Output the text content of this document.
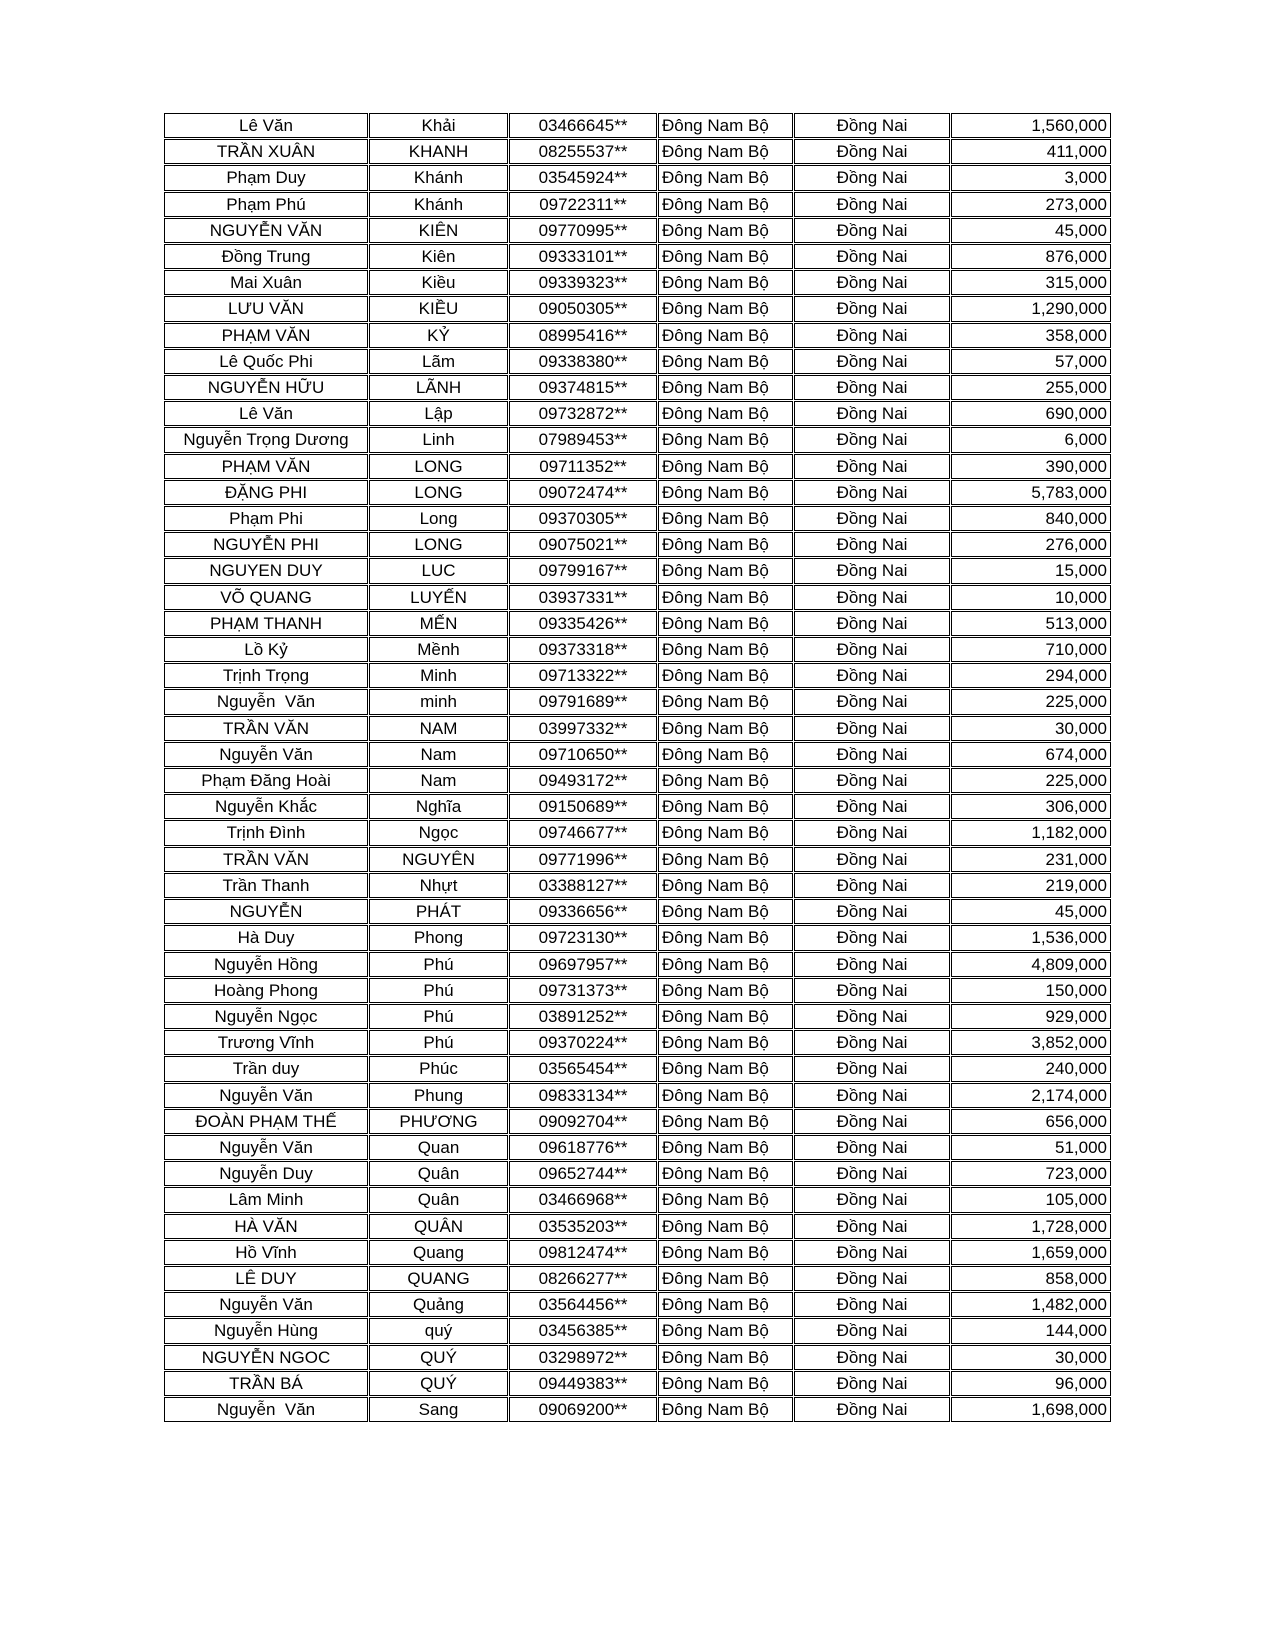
Lê Văn	Khải	03466645**	Đông Nam Bộ	Đồng Nai	1,560,000
TRẦN XUÂN	KHANH	08255537**	Đông Nam Bộ	Đồng Nai	411,000
Phạm Duy	Khánh	03545924**	Đông Nam Bộ	Đồng Nai	3,000
Phạm Phú	Khánh	09722311**	Đông Nam Bộ	Đồng Nai	273,000
NGUYỄN VĂN	KIÊN	09770995**	Đông Nam Bộ	Đồng Nai	45,000
Đồng Trung	Kiên	09333101**	Đông Nam Bộ	Đồng Nai	876,000
Mai Xuân	Kiều	09339323**	Đông Nam Bộ	Đồng Nai	315,000
LƯU VĂN	KIỀU	09050305**	Đông Nam Bộ	Đồng Nai	1,290,000
PHẠM VĂN	KỶ	08995416**	Đông Nam Bộ	Đồng Nai	358,000
Lê Quốc Phi	Lãm	09338380**	Đông Nam Bộ	Đồng Nai	57,000
NGUYỄN HỮU	LÃNH	09374815**	Đông Nam Bộ	Đồng Nai	255,000
Lê Văn	Lập	09732872**	Đông Nam Bộ	Đồng Nai	690,000
Nguyễn Trọng Dương	Linh	07989453**	Đông Nam Bộ	Đồng Nai	6,000
PHẠM VĂN	LONG	09711352**	Đông Nam Bộ	Đồng Nai	390,000
ĐẶNG PHI	LONG	09072474**	Đông Nam Bộ	Đồng Nai	5,783,000
Phạm Phi	Long	09370305**	Đông Nam Bộ	Đồng Nai	840,000
NGUYỄN PHI	LONG	09075021**	Đông Nam Bộ	Đồng Nai	276,000
NGUYEN DUY	LUC	09799167**	Đông Nam Bộ	Đồng Nai	15,000
VÕ QUANG	LUYẾN	03937331**	Đông Nam Bộ	Đồng Nai	10,000
PHẠM THANH	MẾN	09335426**	Đông Nam Bộ	Đồng Nai	513,000
Lồ Kỷ	Mềnh	09373318**	Đông Nam Bộ	Đồng Nai	710,000
Trịnh Trọng	Minh	09713322**	Đông Nam Bộ	Đồng Nai	294,000
Nguyễn  Văn	minh	09791689**	Đông Nam Bộ	Đồng Nai	225,000
TRẦN VĂN	NAM	03997332**	Đông Nam Bộ	Đồng Nai	30,000
Nguyễn Văn	Nam	09710650**	Đông Nam Bộ	Đồng Nai	674,000
Phạm Đăng Hoài	Nam	09493172**	Đông Nam Bộ	Đồng Nai	225,000
Nguyễn Khắc	Nghĩa	09150689**	Đông Nam Bộ	Đồng Nai	306,000
Trịnh Đình	Ngọc	09746677**	Đông Nam Bộ	Đồng Nai	1,182,000
TRẦN VĂN	NGUYÊN	09771996**	Đông Nam Bộ	Đồng Nai	231,000
Trần Thanh	Nhựt	03388127**	Đông Nam Bộ	Đồng Nai	219,000
NGUYỄN	PHÁT	09336656**	Đông Nam Bộ	Đồng Nai	45,000
Hà Duy	Phong	09723130**	Đông Nam Bộ	Đồng Nai	1,536,000
Nguyễn Hồng	Phú	09697957**	Đông Nam Bộ	Đồng Nai	4,809,000
Hoàng Phong	Phú	09731373**	Đông Nam Bộ	Đồng Nai	150,000
Nguyễn Ngọc	Phú	03891252**	Đông Nam Bộ	Đồng Nai	929,000
Trương Vĩnh	Phú	09370224**	Đông Nam Bộ	Đồng Nai	3,852,000
Trần duy	Phúc	03565454**	Đông Nam Bộ	Đồng Nai	240,000
Nguyễn Văn	Phung	09833134**	Đông Nam Bộ	Đồng Nai	2,174,000
ĐOÀN PHẠM THẾ	PHƯƠNG	09092704**	Đông Nam Bộ	Đồng Nai	656,000
Nguyễn Văn	Quan	09618776**	Đông Nam Bộ	Đồng Nai	51,000
Nguyễn Duy	Quân	09652744**	Đông Nam Bộ	Đồng Nai	723,000
Lâm Minh	Quân	03466968**	Đông Nam Bộ	Đồng Nai	105,000
HÀ VĂN	QUÂN	03535203**	Đông Nam Bộ	Đồng Nai	1,728,000
Hồ Vĩnh	Quang	09812474**	Đông Nam Bộ	Đồng Nai	1,659,000
LÊ DUY	QUANG	08266277**	Đông Nam Bộ	Đồng Nai	858,000
Nguyễn Văn	Quảng	03564456**	Đông Nam Bộ	Đồng Nai	1,482,000
Nguyễn Hùng	quý	03456385**	Đông Nam Bộ	Đồng Nai	144,000
NGUYỄN NGOC	QUÝ	03298972**	Đông Nam Bộ	Đồng Nai	30,000
TRẦN BÁ	QUÝ	09449383**	Đông Nam Bộ	Đồng Nai	96,000
Nguyễn  Văn	Sang	09069200**	Đông Nam Bộ	Đồng Nai	1,698,000
